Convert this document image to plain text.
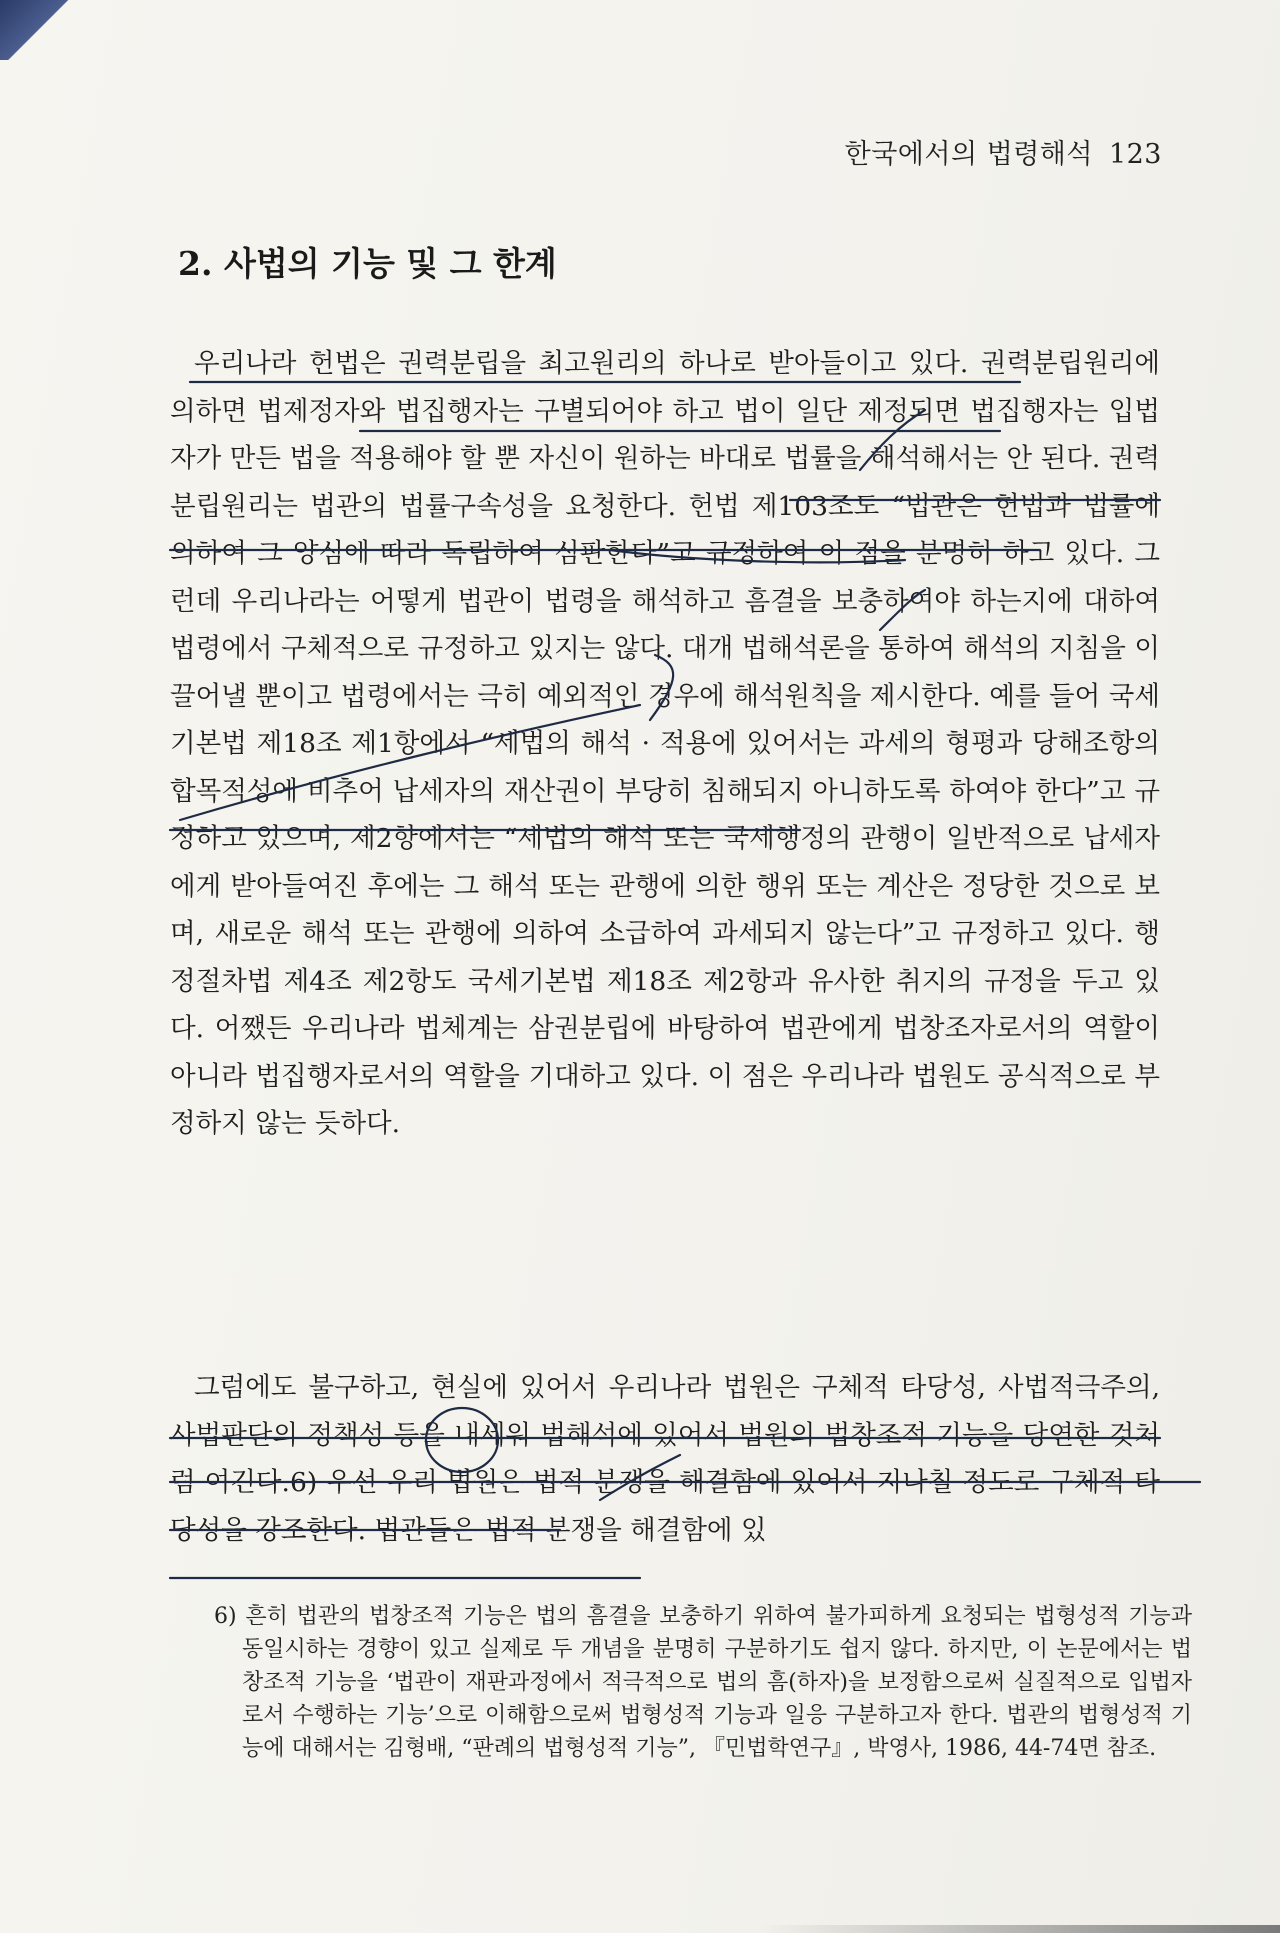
한국에서의 법령해석 123
2. 사법의 기능 및 그 한계

우리나라 헌법은 권력분립을 최고원리의 하나로 받아들이고 있다. 권력분립원리에 의하면 법제정자와 법집행자는 구별되어야 하고 법이 일단 제정되면 법집행자는 입법자가 만든 법을 적용해야 할 뿐 자신이 원하는 바대로 법률을 해석해서는 안 된다. 권력분립원리는 법관의 법률구속성을 요청한다. 헌법 제103조도 “법관은 헌법과 법률에 의하여 그 양심에 따라 독립하여 심판한다”고 규정하여 이 점을 분명히 하고 있다. 그런데 우리나라는 어떻게 법관이 법령을 해석하고 흠결을 보충하여야 하는지에 대하여 법령에서 구체적으로 규정하고 있지는 않다. 대개 법해석론을 통하여 해석의 지침을 이끌어낼 뿐이고 법령에서는 극히 예외적인 경우에 해석원칙을 제시한다. 예를 들어 국세기본법 제18조 제1항에서 “세법의 해석 · 적용에 있어서는 과세의 형평과 당해조항의 합목적성에 비추어 납세자의 재산권이 부당히 침해되지 아니하도록 하여야 한다”고 규정하고 있으며, 제2항에서는 “세법의 해석 또는 국세행정의 관행이 일반적으로 납세자에게 받아들여진 후에는 그 해석 또는 관행에 의한 행위 또는 계산은 정당한 것으로 보며, 새로운 해석 또는 관행에 의하여 소급하여 과세되지 않는다”고 규정하고 있다. 행정절차법 제4조 제2항도 국세기본법 제18조 제2항과 유사한 취지의 규정을 두고 있다. 어쨌든 우리나라 법체계는 삼권분립에 바탕하여 법관에게 법창조자로서의 역할이 아니라 법집행자로서의 역할을 기대하고 있다. 이 점은 우리나라 법원도 공식적으로 부정하지 않는 듯하다.

그럼에도 불구하고, 현실에 있어서 우리나라 법원은 구체적 타당성, 사법적극주의, 사법판단의 정책성 등을 내세워 법해석에 있어서 법원의 법창조적 기능을 당연한 것처럼 여긴다.6) 우선 우리 법원은 법적 분쟁을 해결함에 있어서 지나칠 정도로 구체적 타당성을 강조한다. 법관들은 법적 분쟁을 해결함에 있

6) 흔히 법관의 법창조적 기능은 법의 흠결을 보충하기 위하여 불가피하게 요청되는 법형성적 기능과 동일시하는 경향이 있고 실제로 두 개념을 분명히 구분하기도 쉽지 않다. 하지만, 이 논문에서는 법창조적 기능을 ‘법관이 재판과정에서 적극적으로 법의 흠(하자)을 보정함으로써 실질적으로 입법자로서 수행하는 기능’으로 이해함으로써 법형성적 기능과 일응 구분하고자 한다. 법관의 법형성적 기능에 대해서는 김형배, “판례의 법형성적 기능”, 『민법학연구』, 박영사, 1986, 44-74면 참조.
